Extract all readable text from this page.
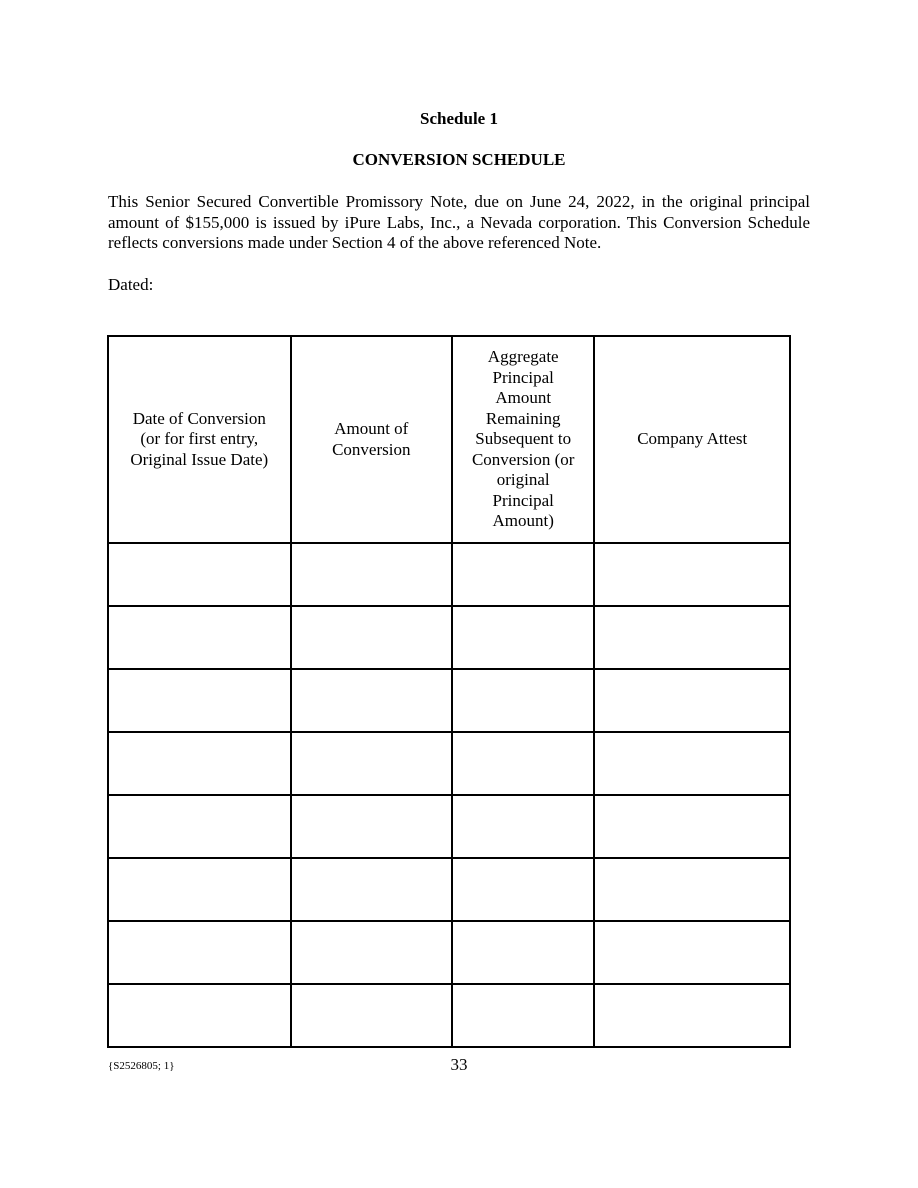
Schedule 1
CONVERSION SCHEDULE
This Senior Secured Convertible Promissory Note, due on June 24, 2022, in the original principal amount of $155,000 is issued by iPure Labs, Inc., a Nevada corporation. This Conversion Schedule reflects conversions made under Section 4 of the above referenced Note.
Dated:
Date of Conversion (or for first entry, Original Issue Date)	Amount of Conversion	Aggregate Principal Amount Remaining Subsequent to Conversion (or original Principal Amount)	Company Attest

{S2526805; 1}	33
